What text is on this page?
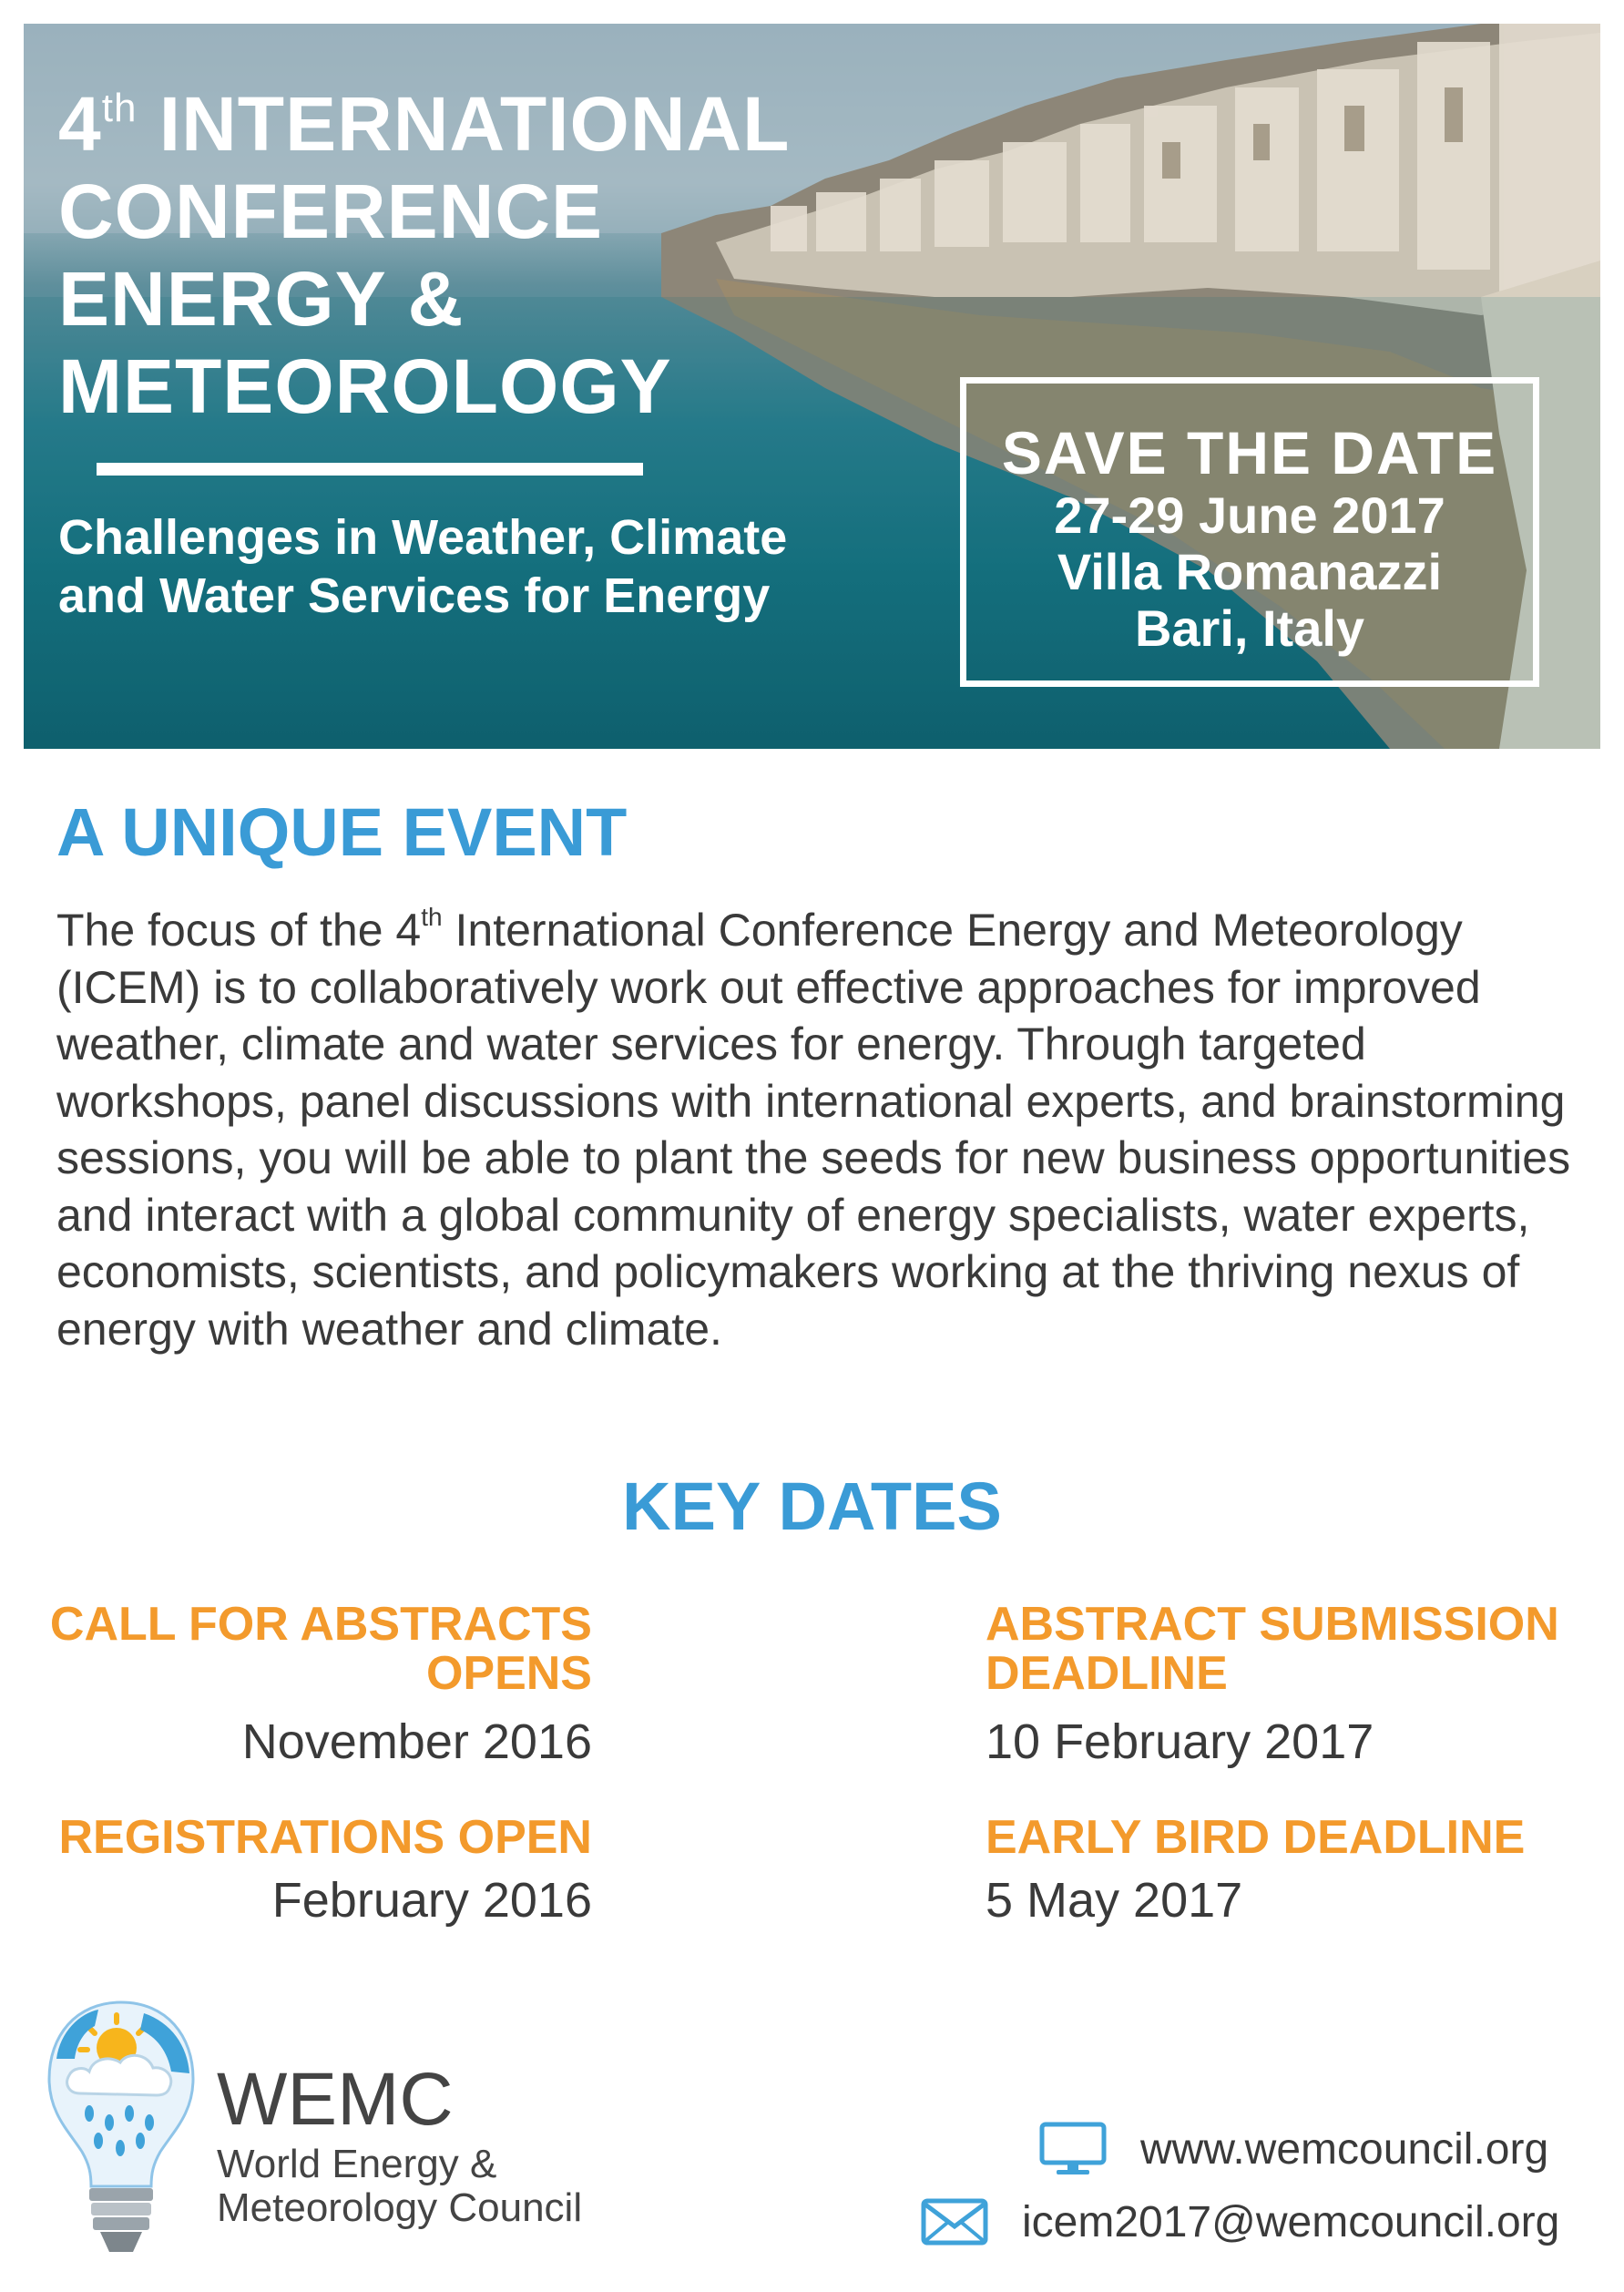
4th INTERNATIONAL
CONFERENCE
ENERGY &
METEOROLOGY
Challenges in Weather, Climate
and Water Services for Energy
SAVE THE DATE
27-29 June 2017
Villa Romanazzi
Bari, Italy
A UNIQUE EVENT
The focus of the 4th International Conference Energy and Meteorology (ICEM) is to collaboratively work out effective approaches for improved weather, climate and water services for energy. Through targeted workshops, panel discussions with international experts, and brainstorming sessions, you will be able to plant the seeds for new business opportunities and interact with a global community of energy specialists, water experts, economists, scientists, and policymakers working at the thriving nexus of energy with weather and climate.
KEY DATES
CALL FOR ABSTRACTS
OPENS
November 2016
REGISTRATIONS OPEN
February 2016
ABSTRACT SUBMISSION
DEADLINE
10 February 2017
EARLY BIRD DEADLINE
5 May 2017
WEMC
World Energy &
Meteorology Council
www.wemcouncil.org
icem2017@wemcouncil.org
